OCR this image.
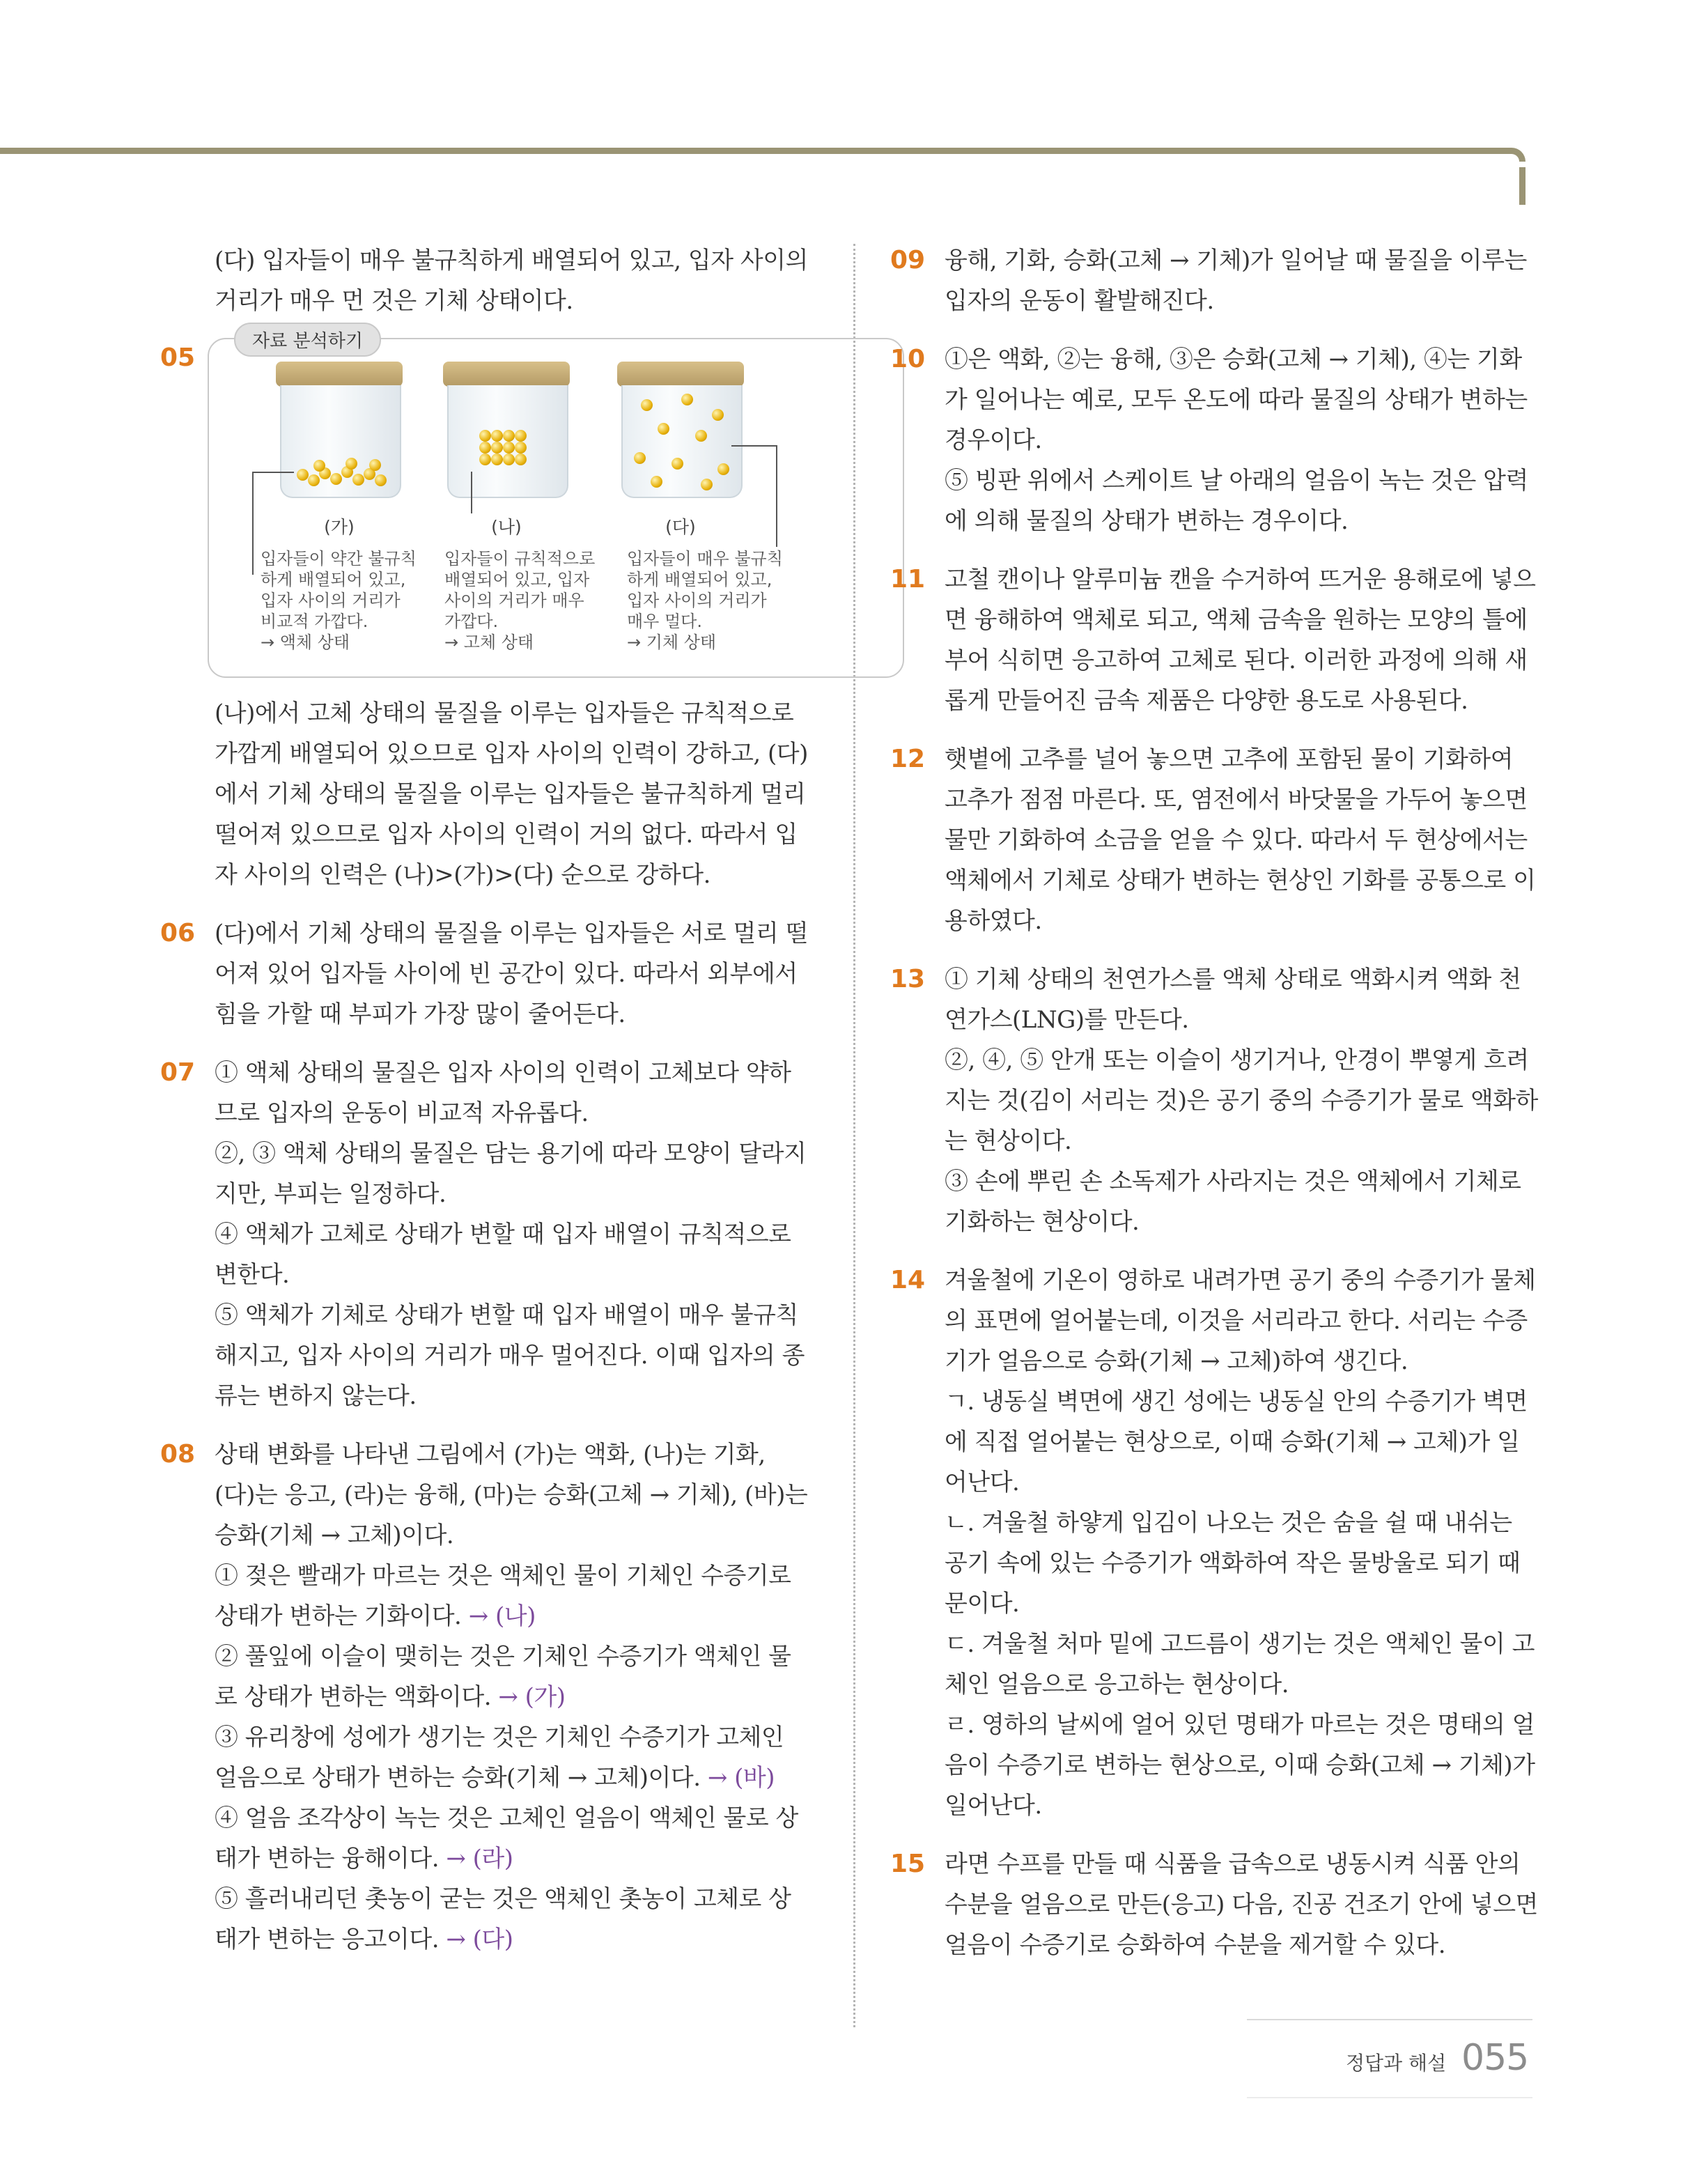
(다) 입자들이 매우 불규칙하게 배열되어 있고, 입자 사이의 거리가 매우 먼 것은 기체 상태이다.

05
자료 분석하기
(가)
입자들이 약간 불규칙
하게 배열되어 있고,
입자 사이의 거리가
비교적 가깝다.
→ 액체 상태
(나)
입자들이 규칙적으로
배열되어 있고, 입자
사이의 거리가 매우
가깝다.
→ 고체 상태
(다)
입자들이 매우 불규칙
하게 배열되어 있고,
입자 사이의 거리가
매우 멀다.
→ 기체 상태

(나)에서 고체 상태의 물질을 이루는 입자들은 규칙적으로 가깝게 배열되어 있으므로 입자 사이의 인력이 강하고, (다)에서 기체 상태의 물질을 이루는 입자들은 불규칙하게 멀리 떨어져 있으므로 입자 사이의 인력이 거의 없다. 따라서 입자 사이의 인력은 (나)>(가)>(다) 순으로 강하다.

06 (다)에서 기체 상태의 물질을 이루는 입자들은 서로 멀리 떨어져 있어 입자들 사이에 빈 공간이 있다. 따라서 외부에서 힘을 가할 때 부피가 가장 많이 줄어든다.

07 ① 액체 상태의 물질은 입자 사이의 인력이 고체보다 약하므로 입자의 운동이 비교적 자유롭다.

②, ③ 액체 상태의 물질은 담는 용기에 따라 모양이 달라지지만, 부피는 일정하다.

④ 액체가 고체로 상태가 변할 때 입자 배열이 규칙적으로 변한다.

⑤ 액체가 기체로 상태가 변할 때 입자 배열이 매우 불규칙해지고, 입자 사이의 거리가 매우 멀어진다. 이때 입자의 종류는 변하지 않는다.

08 상태 변화를 나타낸 그림에서 (가)는 액화, (나)는 기화, (다)는 응고, (라)는 융해, (마)는 승화(고체 → 기체), (바)는 승화(기체 → 고체)이다.

① 젖은 빨래가 마르는 것은 액체인 물이 기체인 수증기로 상태가 변하는 기화이다. → (나)

② 풀잎에 이슬이 맺히는 것은 기체인 수증기가 액체인 물로 상태가 변하는 액화이다. → (가)

③ 유리창에 성에가 생기는 것은 기체인 수증기가 고체인 얼음으로 상태가 변하는 승화(기체 → 고체)이다. → (바)

④ 얼음 조각상이 녹는 것은 고체인 얼음이 액체인 물로 상태가 변하는 융해이다. → (라)

⑤ 흘러내리던 촛농이 굳는 것은 액체인 촛농이 고체로 상태가 변하는 응고이다. → (다)

09 융해, 기화, 승화(고체 → 기체)가 일어날 때 물질을 이루는 입자의 운동이 활발해진다.

10 ①은 액화, ②는 융해, ③은 승화(고체 → 기체), ④는 기화가 일어나는 예로, 모두 온도에 따라 물질의 상태가 변하는 경우이다.

⑤ 빙판 위에서 스케이트 날 아래의 얼음이 녹는 것은 압력에 의해 물질의 상태가 변하는 경우이다.

11 고철 캔이나 알루미늄 캔을 수거하여 뜨거운 용해로에 넣으면 융해하여 액체로 되고, 액체 금속을 원하는 모양의 틀에 부어 식히면 응고하여 고체로 된다. 이러한 과정에 의해 새롭게 만들어진 금속 제품은 다양한 용도로 사용된다.

12 햇볕에 고추를 널어 놓으면 고추에 포함된 물이 기화하여 고추가 점점 마른다. 또, 염전에서 바닷물을 가두어 놓으면 물만 기화하여 소금을 얻을 수 있다. 따라서 두 현상에서는 액체에서 기체로 상태가 변하는 현상인 기화를 공통으로 이용하였다.

13 ① 기체 상태의 천연가스를 액체 상태로 액화시켜 액화 천연가스(LNG)를 만든다.

②, ④, ⑤ 안개 또는 이슬이 생기거나, 안경이 뿌옇게 흐려지는 것(김이 서리는 것)은 공기 중의 수증기가 물로 액화하는 현상이다.

③ 손에 뿌린 손 소독제가 사라지는 것은 액체에서 기체로 기화하는 현상이다.

14 겨울철에 기온이 영하로 내려가면 공기 중의 수증기가 물체의 표면에 얼어붙는데, 이것을 서리라고 한다. 서리는 수증기가 얼음으로 승화(기체 → 고체)하여 생긴다.

ㄱ. 냉동실 벽면에 생긴 성에는 냉동실 안의 수증기가 벽면에 직접 얼어붙는 현상으로, 이때 승화(기체 → 고체)가 일어난다.

ㄴ. 겨울철 하얗게 입김이 나오는 것은 숨을 쉴 때 내쉬는 공기 속에 있는 수증기가 액화하여 작은 물방울로 되기 때문이다.

ㄷ. 겨울철 처마 밑에 고드름이 생기는 것은 액체인 물이 고체인 얼음으로 응고하는 현상이다.

ㄹ. 영하의 날씨에 얼어 있던 명태가 마르는 것은 명태의 얼음이 수증기로 변하는 현상으로, 이때 승화(고체 → 기체)가 일어난다.

15 라면 수프를 만들 때 식품을 급속으로 냉동시켜 식품 안의 수분을 얼음으로 만든(응고) 다음, 진공 건조기 안에 넣으면 얼음이 수증기로 승화하여 수분을 제거할 수 있다.

정답과 해설 055
